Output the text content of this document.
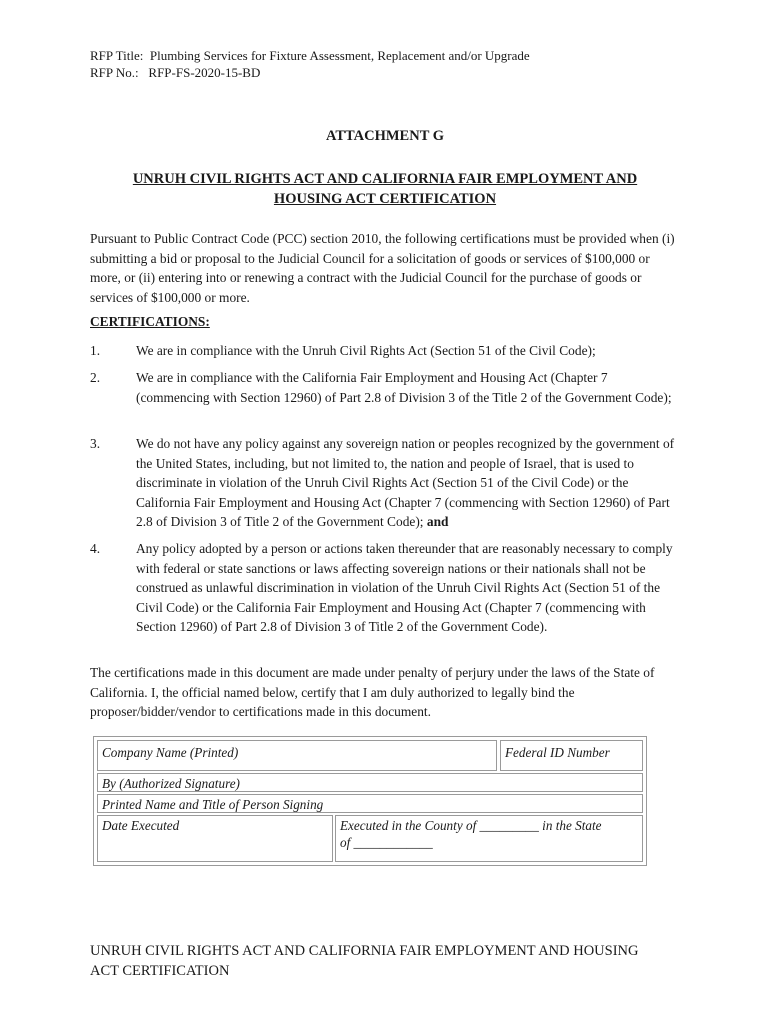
RFP Title:  Plumbing Services for Fixture Assessment, Replacement and/or Upgrade
RFP No.:   RFP-FS-2020-15-BD
ATTACHMENT G
UNRUH CIVIL RIGHTS ACT AND CALIFORNIA FAIR EMPLOYMENT AND
HOUSING ACT CERTIFICATION
Pursuant to Public Contract Code (PCC) section 2010, the following certifications must be provided when (i) submitting a bid or proposal to the Judicial Council for a solicitation of goods or services of $100,000 or more, or (ii) entering into or renewing a contract with the Judicial Council for the purchase of goods or services of $100,000 or more.
CERTIFICATIONS:
1.	We are in compliance with the Unruh Civil Rights Act (Section 51 of the Civil Code);
2.	We are in compliance with the California Fair Employment and Housing Act (Chapter 7 (commencing with Section 12960) of Part 2.8 of Division 3 of the Title 2 of the Government Code);
3.	We do not have any policy against any sovereign nation or peoples recognized by the government of the United States, including, but not limited to, the nation and people of Israel, that is used to discriminate in violation of the Unruh Civil Rights Act (Section 51 of the Civil Code) or the California Fair Employment and Housing Act (Chapter 7 (commencing with Section 12960) of Part 2.8 of Division 3 of Title 2 of the Government Code); and
4.	Any policy adopted by a person or actions taken thereunder that are reasonably necessary to comply with federal or state sanctions or laws affecting sovereign nations or their nationals shall not be construed as unlawful discrimination in violation of the Unruh Civil Rights Act (Section 51 of the Civil Code) or the California Fair Employment and Housing Act (Chapter 7 (commencing with Section 12960) of Part 2.8 of Division 3 of Title 2 of the Government Code).
The certifications made in this document are made under penalty of perjury under the laws of the State of California. I, the official named below, certify that I am duly authorized to legally bind the proposer/bidder/vendor to certifications made in this document.
Company Name (Printed)	Federal ID Number
By (Authorized Signature)
Printed Name and Title of Person Signing
Date Executed	Executed in the County of _________ in the State
of ____________
UNRUH CIVIL RIGHTS ACT AND CALIFORNIA FAIR EMPLOYMENT AND HOUSING
ACT CERTIFICATION
